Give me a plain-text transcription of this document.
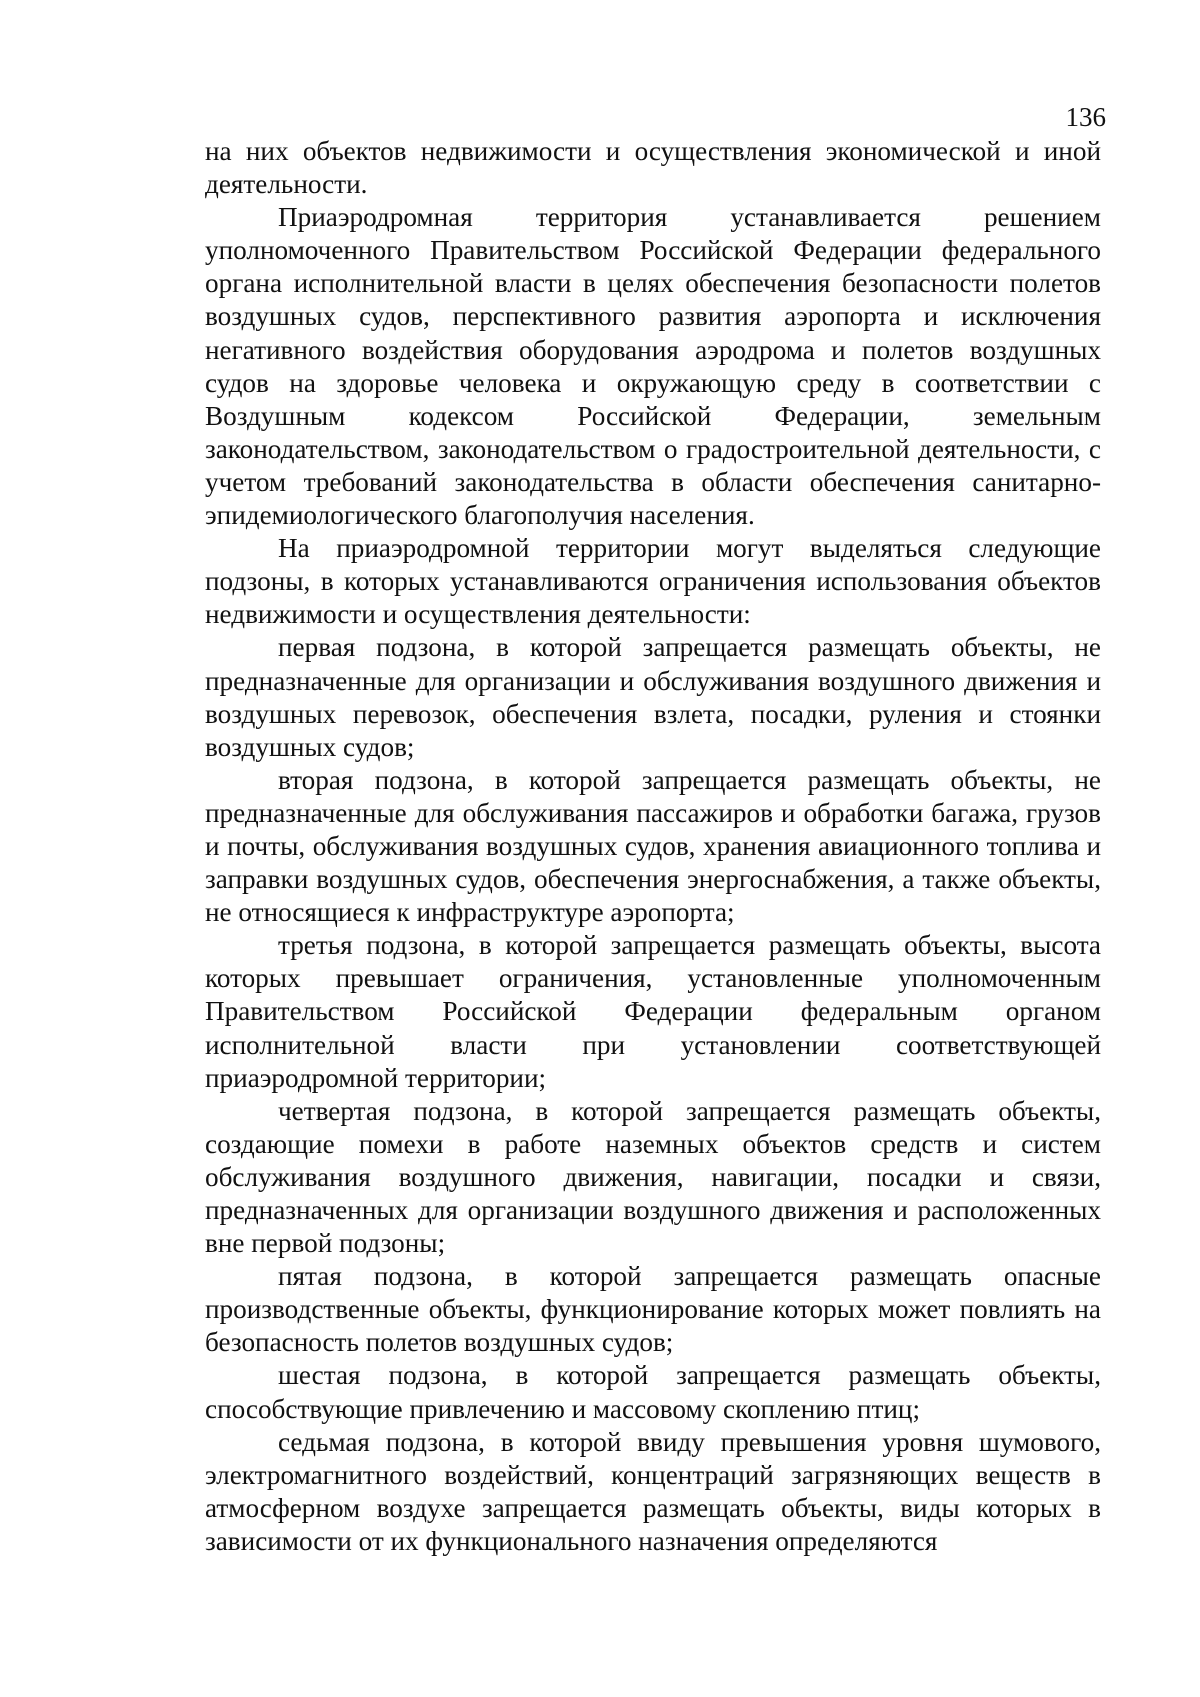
136

на них объектов недвижимости и осуществления экономической и иной деятельности.

Приаэродромная территория устанавливается решением уполномоченного Правительством Российской Федерации федерального органа исполнительной власти в целях обеспечения безопасности полетов воздушных судов, перспективного развития аэропорта и исключения негативного воздействия оборудования аэродрома и полетов воздушных судов на здоровье человека и окружающую среду в соответствии с Воздушным кодексом Российской Федерации, земельным законодательством, законодательством о градостроительной деятельности, с учетом требований законодательства в области обеспечения санитарно-эпидемиологического благополучия населения.

На приаэродромной территории могут выделяться следующие подзоны, в которых устанавливаются ограничения использования объектов недвижимости и осуществления деятельности:

первая подзона, в которой запрещается размещать объекты, не предназначенные для организации и обслуживания воздушного движения и воздушных перевозок, обеспечения взлета, посадки, руления и стоянки воздушных судов;

вторая подзона, в которой запрещается размещать объекты, не предназначенные для обслуживания пассажиров и обработки багажа, грузов и почты, обслуживания воздушных судов, хранения авиационного топлива и заправки воздушных судов, обеспечения энергоснабжения, а также объекты, не относящиеся к инфраструктуре аэропорта;

третья подзона, в которой запрещается размещать объекты, высота которых превышает ограничения, установленные уполномоченным Правительством Российской Федерации федеральным органом исполнительной власти при установлении соответствующей приаэродромной территории;

четвертая подзона, в которой запрещается размещать объекты, создающие помехи в работе наземных объектов средств и систем обслуживания воздушного движения, навигации, посадки и связи, предназначенных для организации воздушного движения и расположенных вне первой подзоны;

пятая подзона, в которой запрещается размещать опасные производственные объекты, функционирование которых может повлиять на безопасность полетов воздушных судов;

шестая подзона, в которой запрещается размещать объекты, способствующие привлечению и массовому скоплению птиц;

седьмая подзона, в которой ввиду превышения уровня шумового, электромагнитного воздействий, концентраций загрязняющих веществ в атмосферном воздухе запрещается размещать объекты, виды которых в зависимости от их функционального назначения определяются
